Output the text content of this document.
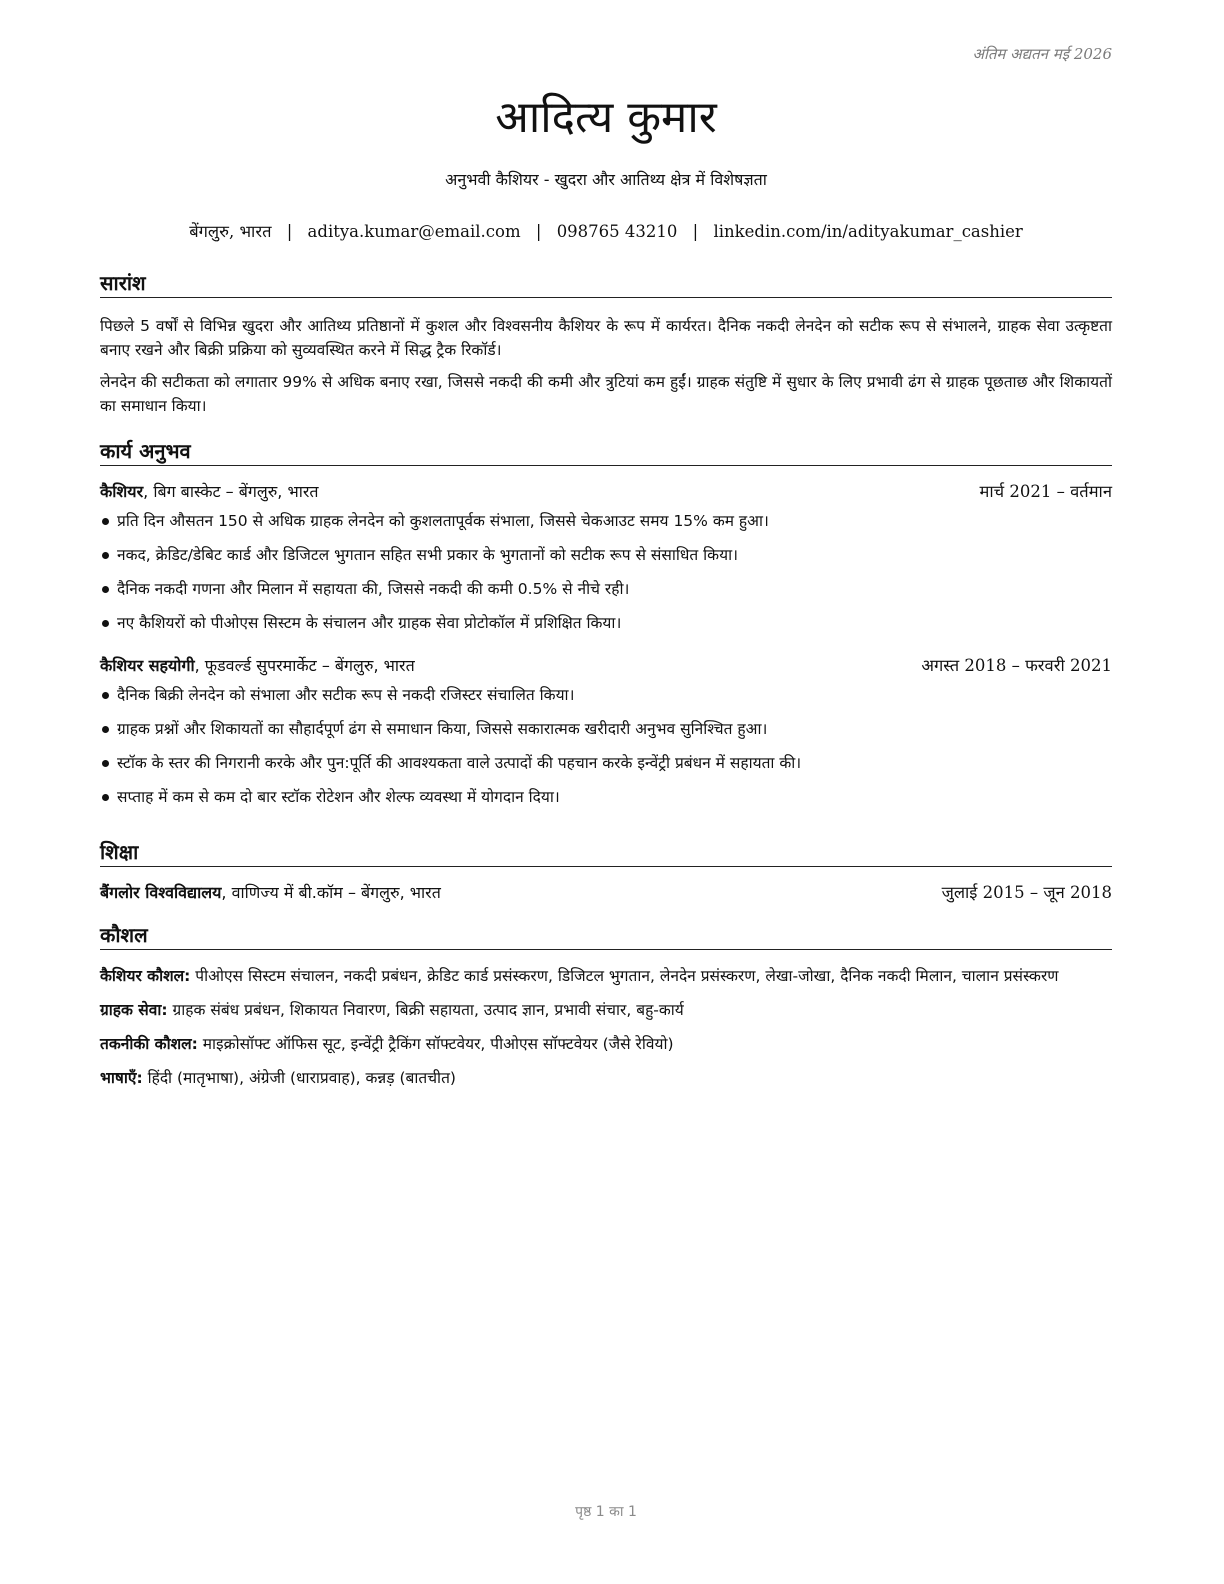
अंतिम अद्यतन मई 2026
आदित्य कुमार
अनुभवी कैशियर - खुदरा और आतिथ्य क्षेत्र में विशेषज्ञता
बेंगलुरु, भारत | aditya.kumar@email.com | 098765 43210 | linkedin.com/in/adityakumar_cashier
सारांश

पिछले 5 वर्षों से विभिन्न खुदरा और आतिथ्य प्रतिष्ठानों में कुशल और विश्वसनीय कैशियर के रूप में कार्यरत। दैनिक नकदी लेनदेन को सटीक रूप से संभालने, ग्राहक सेवा उत्कृष्टता बनाए रखने और बिक्री प्रक्रिया को सुव्यवस्थित करने में सिद्ध ट्रैक रिकॉर्ड।

लेनदेन की सटीकता को लगातार 99% से अधिक बनाए रखा, जिससे नकदी की कमी और त्रुटियां कम हुईं। ग्राहक संतुष्टि में सुधार के लिए प्रभावी ढंग से ग्राहक पूछताछ और शिकायतों का समाधान किया।

कार्य अनुभव
कैशियर, बिग बास्केट – बेंगलुरु, भारत	मार्च 2021 – वर्तमान
प्रति दिन औसतन 150 से अधिक ग्राहक लेनदेन को कुशलतापूर्वक संभाला, जिससे चेकआउट समय 15% कम हुआ।
नकद, क्रेडिट/डेबिट कार्ड और डिजिटल भुगतान सहित सभी प्रकार के भुगतानों को सटीक रूप से संसाधित किया।
दैनिक नकदी गणना और मिलान में सहायता की, जिससे नकदी की कमी 0.5% से नीचे रही।
नए कैशियरों को पीओएस सिस्टम के संचालन और ग्राहक सेवा प्रोटोकॉल में प्रशिक्षित किया।
कैशियर सहयोगी, फूडवर्ल्ड सुपरमार्केट – बेंगलुरु, भारत	अगस्त 2018 – फरवरी 2021
दैनिक बिक्री लेनदेन को संभाला और सटीक रूप से नकदी रजिस्टर संचालित किया।
ग्राहक प्रश्नों और शिकायतों का सौहार्दपूर्ण ढंग से समाधान किया, जिससे सकारात्मक खरीदारी अनुभव सुनिश्चित हुआ।
स्टॉक के स्तर की निगरानी करके और पुन:पूर्ति की आवश्यकता वाले उत्पादों की पहचान करके इन्वेंट्री प्रबंधन में सहायता की।
सप्ताह में कम से कम दो बार स्टॉक रोटेशन और शेल्फ व्यवस्था में योगदान दिया।
शिक्षा
बैंगलोर विश्वविद्यालय, वाणिज्य में बी.कॉम – बेंगलुरु, भारत	जुलाई 2015 – जून 2018
कौशल

कैशियर कौशल: पीओएस सिस्टम संचालन, नकदी प्रबंधन, क्रेडिट कार्ड प्रसंस्करण, डिजिटल भुगतान, लेनदेन प्रसंस्करण, लेखा-जोखा, दैनिक नकदी मिलान, चालान प्रसंस्करण

ग्राहक सेवा: ग्राहक संबंध प्रबंधन, शिकायत निवारण, बिक्री सहायता, उत्पाद ज्ञान, प्रभावी संचार, बहु-कार्य

तकनीकी कौशल: माइक्रोसॉफ्ट ऑफिस सूट, इन्वेंट्री ट्रैकिंग सॉफ्टवेयर, पीओएस सॉफ्टवेयर (जैसे रेवियो)

भाषाएँ: हिंदी (मातृभाषा), अंग्रेजी (धाराप्रवाह), कन्नड़ (बातचीत)

पृष्ठ 1 का 1
